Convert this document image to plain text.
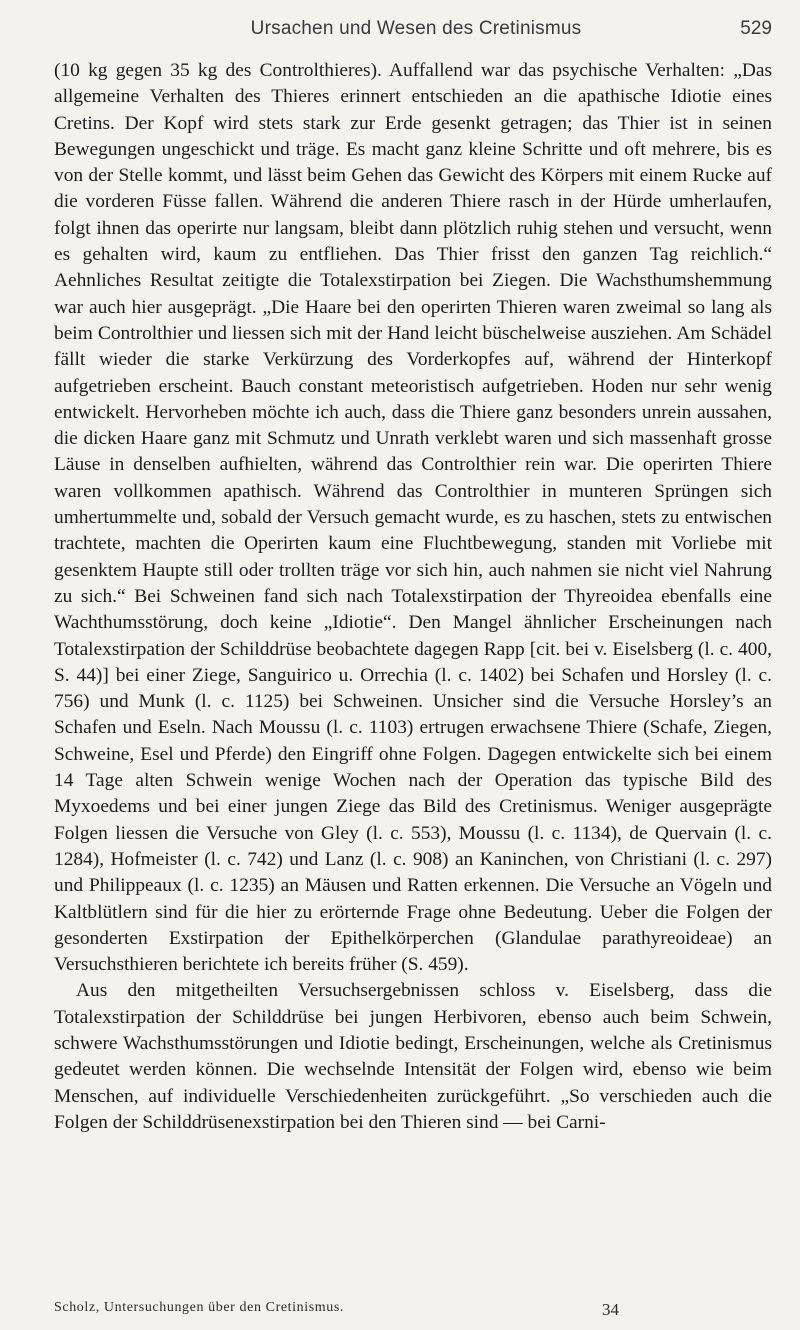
Ursachen und Wesen des Cretinismus	529

(10 kg gegen 35 kg des Controlthieres). Auffallend war das psychische Verhalten: „Das allgemeine Verhalten des Thieres erinnert entschieden an die apathische Idiotie eines Cretins. Der Kopf wird stets stark zur Erde gesenkt getragen; das Thier ist in seinen Bewegungen ungeschickt und träge. Es macht ganz kleine Schritte und oft mehrere, bis es von der Stelle kommt, und lässt beim Gehen das Gewicht des Körpers mit einem Rucke auf die vorderen Füsse fallen. Während die anderen Thiere rasch in der Hürde umherlaufen, folgt ihnen das operirte nur langsam, bleibt dann plötzlich ruhig stehen und versucht, wenn es gehalten wird, kaum zu entfliehen. Das Thier frisst den ganzen Tag reichlich.“ Aehnliches Resultat zeitigte die Totalexstirpation bei Ziegen. Die Wachsthumshemmung war auch hier ausgeprägt. „Die Haare bei den operirten Thieren waren zweimal so lang als beim Controlthier und liessen sich mit der Hand leicht büschelweise ausziehen. Am Schädel fällt wieder die starke Verkürzung des Vorderkopfes auf, während der Hinterkopf aufgetrieben erscheint. Bauch constant meteoristisch aufgetrieben. Hoden nur sehr wenig entwickelt. Hervorheben möchte ich auch, dass die Thiere ganz besonders unrein aussahen, die dicken Haare ganz mit Schmutz und Unrath verklebt waren und sich massenhaft grosse Läuse in denselben aufhielten, während das Controlthier rein war. Die operirten Thiere waren vollkommen apathisch. Während das Controlthier in munteren Sprüngen sich umhertummelte und, sobald der Versuch gemacht wurde, es zu haschen, stets zu entwischen trachtete, machten die Operirten kaum eine Fluchtbewegung, standen mit Vorliebe mit gesenktem Haupte still oder trollten träge vor sich hin, auch nahmen sie nicht viel Nahrung zu sich.“ Bei Schweinen fand sich nach Totalexstirpation der Thyreoidea ebenfalls eine Wachthumsstörung, doch keine „Idiotie“. Den Mangel ähnlicher Erscheinungen nach Totalexstirpation der Schilddrüse beobachtete dagegen Rapp [cit. bei v. Eiselsberg (l. c. 400, S. 44)] bei einer Ziege, Sanguirico u. Orrechia (l. c. 1402) bei Schafen und Horsley (l. c. 756) und Munk (l. c. 1125) bei Schweinen. Unsicher sind die Versuche Horsley’s an Schafen und Eseln. Nach Moussu (l. c. 1103) ertrugen erwachsene Thiere (Schafe, Ziegen, Schweine, Esel und Pferde) den Eingriff ohne Folgen. Dagegen entwickelte sich bei einem 14 Tage alten Schwein wenige Wochen nach der Operation das typische Bild des Myxoedems und bei einer jungen Ziege das Bild des Cretinismus. Weniger ausgeprägte Folgen liessen die Versuche von Gley (l. c. 553), Moussu (l. c. 1134), de Quervain (l. c. 1284), Hofmeister (l. c. 742) und Lanz (l. c. 908) an Kaninchen, von Christiani (l. c. 297) und Philippeaux (l. c. 1235) an Mäusen und Ratten erkennen. Die Versuche an Vögeln und Kaltblütlern sind für die hier zu erörternde Frage ohne Bedeutung. Ueber die Folgen der gesonderten Exstirpation der Epithelkörperchen (Glandulae parathyreoideae) an Versuchsthieren berichtete ich bereits früher (S. 459).

Aus den mitgetheilten Versuchsergebnissen schloss v. Eiselsberg, dass die Totalexstirpation der Schilddrüse bei jungen Herbivoren, ebenso auch beim Schwein, schwere Wachsthumsstörungen und Idiotie bedingt, Erscheinungen, welche als Cretinismus gedeutet werden können. Die wechselnde Intensität der Folgen wird, ebenso wie beim Menschen, auf individuelle Verschiedenheiten zurückgeführt. „So verschieden auch die Folgen der Schilddrüsenexstirpation bei den Thieren sind — bei Carni-

Scholz, Untersuchungen über den Cretinismus.	34
